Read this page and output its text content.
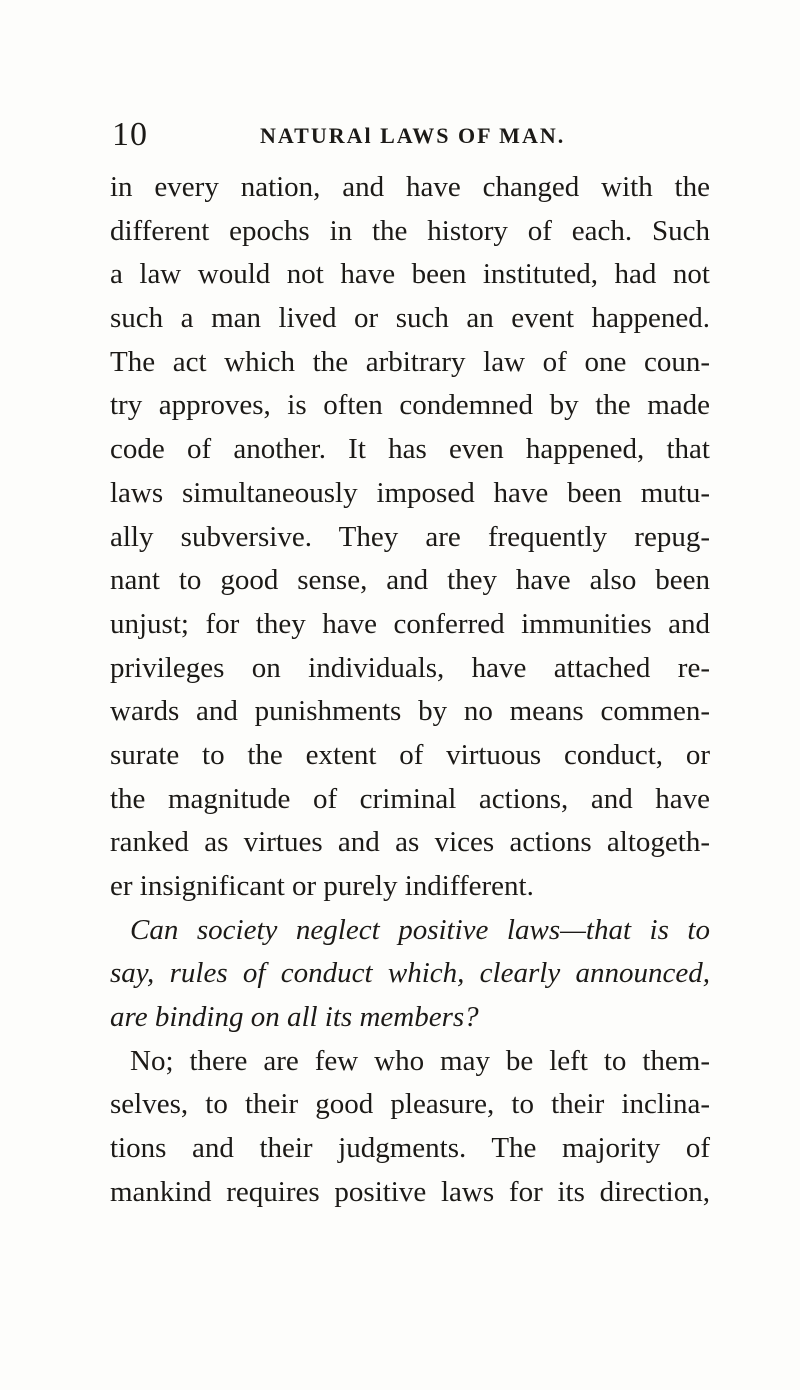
10	NATURAl LAWS OF MAN.
in every nation, and have changed with the
different epochs in the history of each. Such
a law would not have been instituted, had not
such a man lived or such an event happened.
The act which the arbitrary law of one coun-
try approves, is often condemned by the made
code of another. It has even happened, that
laws simultaneously imposed have been mutu-
ally subversive. They are frequently repug-
nant to good sense, and they have also been
unjust; for they have conferred immunities and
privileges on individuals, have attached re-
wards and punishments by no means commen-
surate to the extent of virtuous conduct, or
the magnitude of criminal actions, and have
ranked as virtues and as vices actions altogeth-
er insignificant or purely indifferent.
Can society neglect positive laws—that is to
say, rules of conduct which, clearly announced,
are binding on all its members?
No; there are few who may be left to them-
selves, to their good pleasure, to their inclina-
tions and their judgments. The majority of
mankind requires positive laws for its direction,
